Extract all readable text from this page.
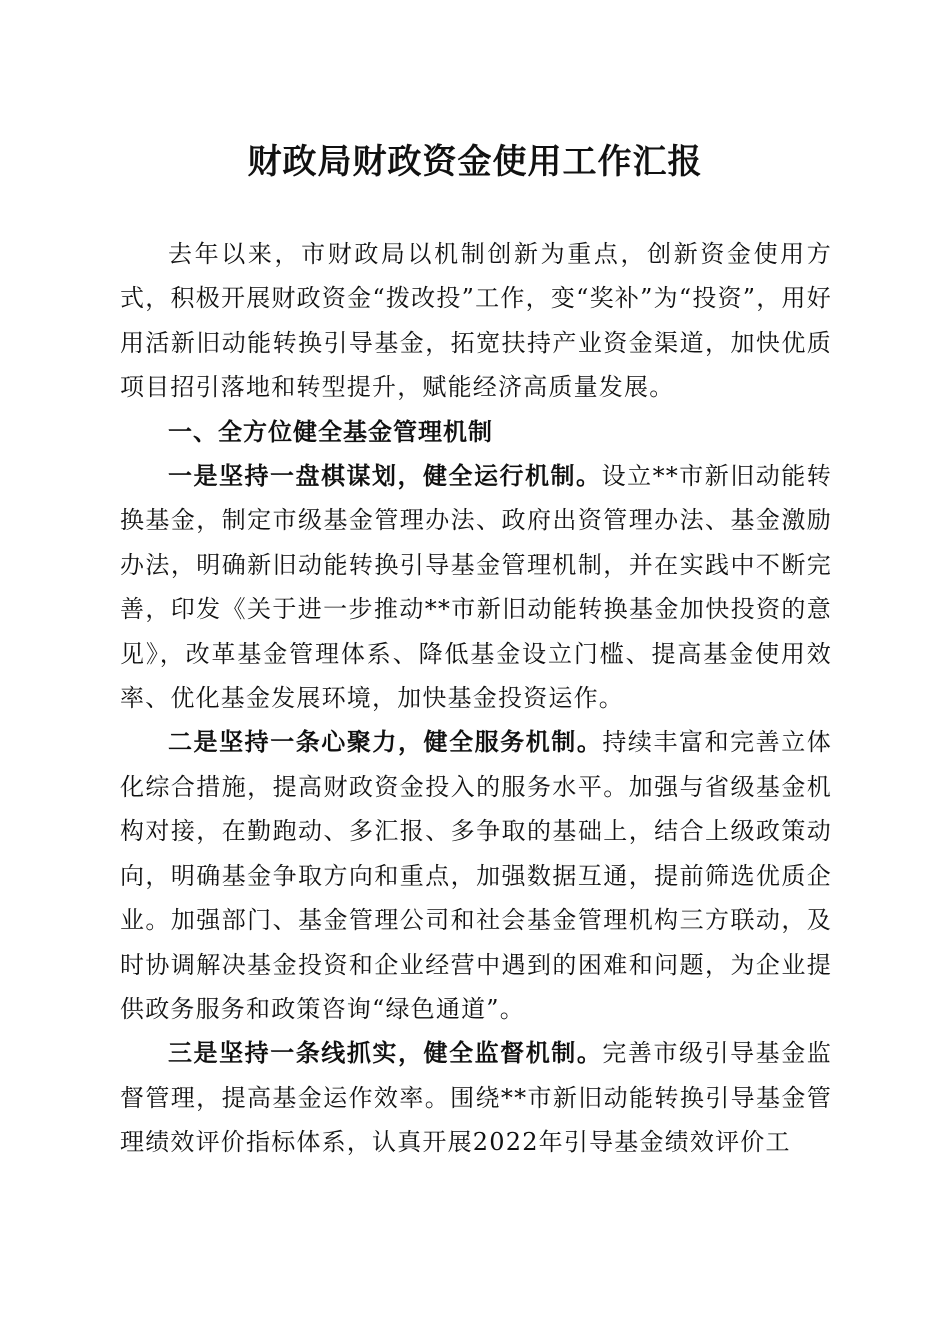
财政局财政资金使用工作汇报

去年以来，市财政局以机制创新为重点，创新资金使用方式，积极开展财政资金“拨改投”工作，变“奖补”为“投资”，用好用活新旧动能转换引导基金，拓宽扶持产业资金渠道，加快优质项目招引落地和转型提升，赋能经济高质量发展。

一、全方位健全基金管理机制

一是坚持一盘棋谋划，健全运行机制。设立**市新旧动能转换基金，制定市级基金管理办法、政府出资管理办法、基金激励办法，明确新旧动能转换引导基金管理机制，并在实践中不断完善，印发《关于进一步推动**市新旧动能转换基金加快投资的意见》，改革基金管理体系、降低基金设立门槛、提高基金使用效率、优化基金发展环境，加快基金投资运作。

二是坚持一条心聚力，健全服务机制。持续丰富和完善立体化综合措施，提高财政资金投入的服务水平。加强与省级基金机构对接，在勤跑动、多汇报、多争取的基础上，结合上级政策动向，明确基金争取方向和重点，加强数据互通，提前筛选优质企业。加强部门、基金管理公司和社会基金管理机构三方联动，及时协调解决基金投资和企业经营中遇到的困难和问题，为企业提供政务服务和政策咨询“绿色通道”。

三是坚持一条线抓实，健全监督机制。完善市级引导基金监督管理，提高基金运作效率。围绕**市新旧动能转换引导基金管理绩效评价指标体系，认真开展2022年引导基金绩效评价工
